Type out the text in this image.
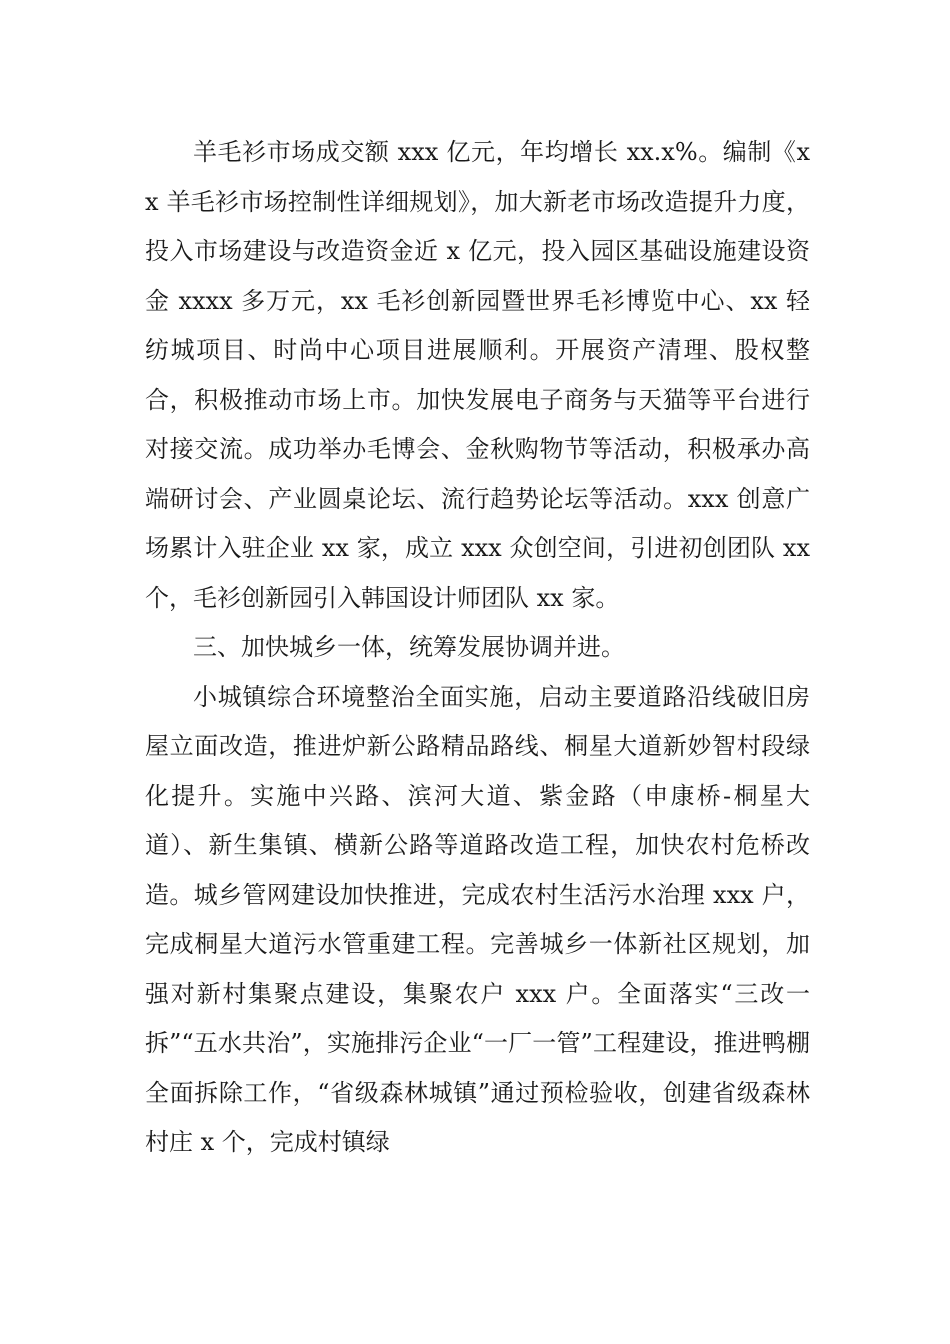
羊毛衫市场成交额 xxx 亿元，年均增长 xx.x%。编制《xx 羊毛衫市场控制性详细规划》，加大新老市场改造提升力度，投入市场建设与改造资金近 x 亿元，投入园区基础设施建设资金 xxxx 多万元，xx 毛衫创新园暨世界毛衫博览中心、xx 轻纺城项目、时尚中心项目进展顺利。开展资产清理、股权整合，积极推动市场上市。加快发展电子商务与天猫等平台进行对接交流。成功举办毛博会、金秋购物节等活动，积极承办高端研讨会、产业圆桌论坛、流行趋势论坛等活动。xxx 创意广场累计入驻企业 xx 家，成立 xxx 众创空间，引进初创团队 xx 个，毛衫创新园引入韩国设计师团队 xx 家。

三、加快城乡一体，统筹发展协调并进。

小城镇综合环境整治全面实施，启动主要道路沿线破旧房屋立面改造，推进炉新公路精品路线、桐星大道新妙智村段绿化提升。实施中兴路、滨河大道、紫金路（申康桥-桐星大道）、新生集镇、横新公路等道路改造工程，加快农村危桥改造。城乡管网建设加快推进，完成农村生活污水治理 xxx 户，完成桐星大道污水管重建工程。完善城乡一体新社区规划，加强对新村集聚点建设，集聚农户 xxx 户。全面落实“三改一拆”“五水共治”，实施排污企业“一厂一管”工程建设，推进鸭棚全面拆除工作，“省级森林城镇”通过预检验收，创建省级森林村庄 x 个，完成村镇绿
